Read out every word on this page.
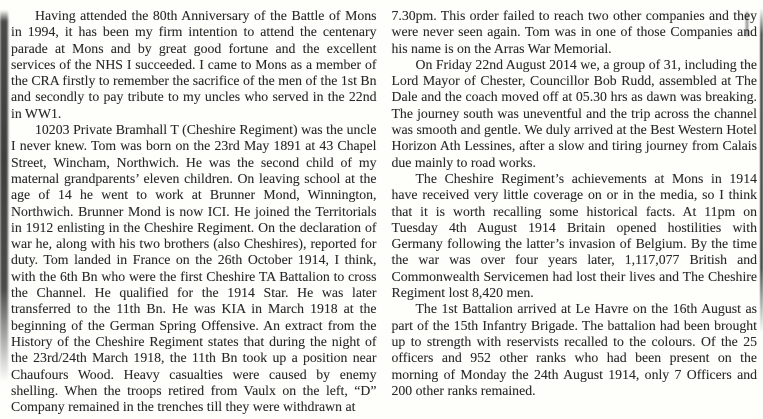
Having attended the 80th Anniversary of the Battle of Mons in 1994, it has been my firm intention to attend the centenary parade at Mons and by great good fortune and the excellent services of the NHS I succeeded. I came to Mons as a member of the CRA firstly to remember the sacrifice of the men of the 1st Bn and secondly to pay tribute to my uncles who served in the 22nd in WW1.

10203 Private Bramhall T (Cheshire Regiment) was the uncle I never knew. Tom was born on the 23rd May 1891 at 43 Chapel Street, Wincham, Northwich. He was the second child of my maternal grandparents’ eleven children. On leaving school at the age of 14 he went to work at Brunner Mond, Winnington, Northwich. Brunner Mond is now ICI. He joined the Territorials in 1912 enlisting in the Cheshire Regiment. On the declaration of war he, along with his two brothers (also Cheshires), reported for duty. Tom landed in France on the 26th October 1914, I think, with the 6th Bn who were the first Cheshire TA Battalion to cross the Channel. He qualified for the 1914 Star. He was later transferred to the 11th Bn. He was KIA in March 1918 at the beginning of the German Spring Offensive. An extract from the History of the Cheshire Regiment states that during the night of the 23rd/24th March 1918, the 11th Bn took up a position near Chaufours Wood. Heavy casualties were caused by enemy shelling. When the troops retired from Vaulx on the left, “D” Company remained in the trenches till they were withdrawn at

7.30pm. This order failed to reach two other companies and they were never seen again. Tom was in one of those Companies and his name is on the Arras War Memorial.

On Friday 22nd August 2014 we, a group of 31, including the Lord Mayor of Chester, Councillor Bob Rudd, assembled at The Dale and the coach moved off at 05.30 hrs as dawn was breaking. The journey south was uneventful and the trip across the channel was smooth and gentle. We duly arrived at the Best Western Hotel Horizon Ath Lessines, after a slow and tiring journey from Calais due mainly to road works.

The Cheshire Regiment’s achievements at Mons in 1914 have received very little coverage on or in the media, so I think that it is worth recalling some historical facts. At 11pm on Tuesday 4th August 1914 Britain opened hostilities with Germany following the latter’s invasion of Belgium. By the time the war was over four years later, 1,117,077 British and Commonwealth Servicemen had lost their lives and The Cheshire Regiment lost 8,420 men.

The 1st Battalion arrived at Le Havre on the 16th August as part of the 15th Infantry Brigade. The battalion had been brought up to strength with reservists recalled to the colours. Of the 25 officers and 952 other ranks who had been present on the morning of Monday the 24th August 1914, only 7 Officers and 200 other ranks remained.
